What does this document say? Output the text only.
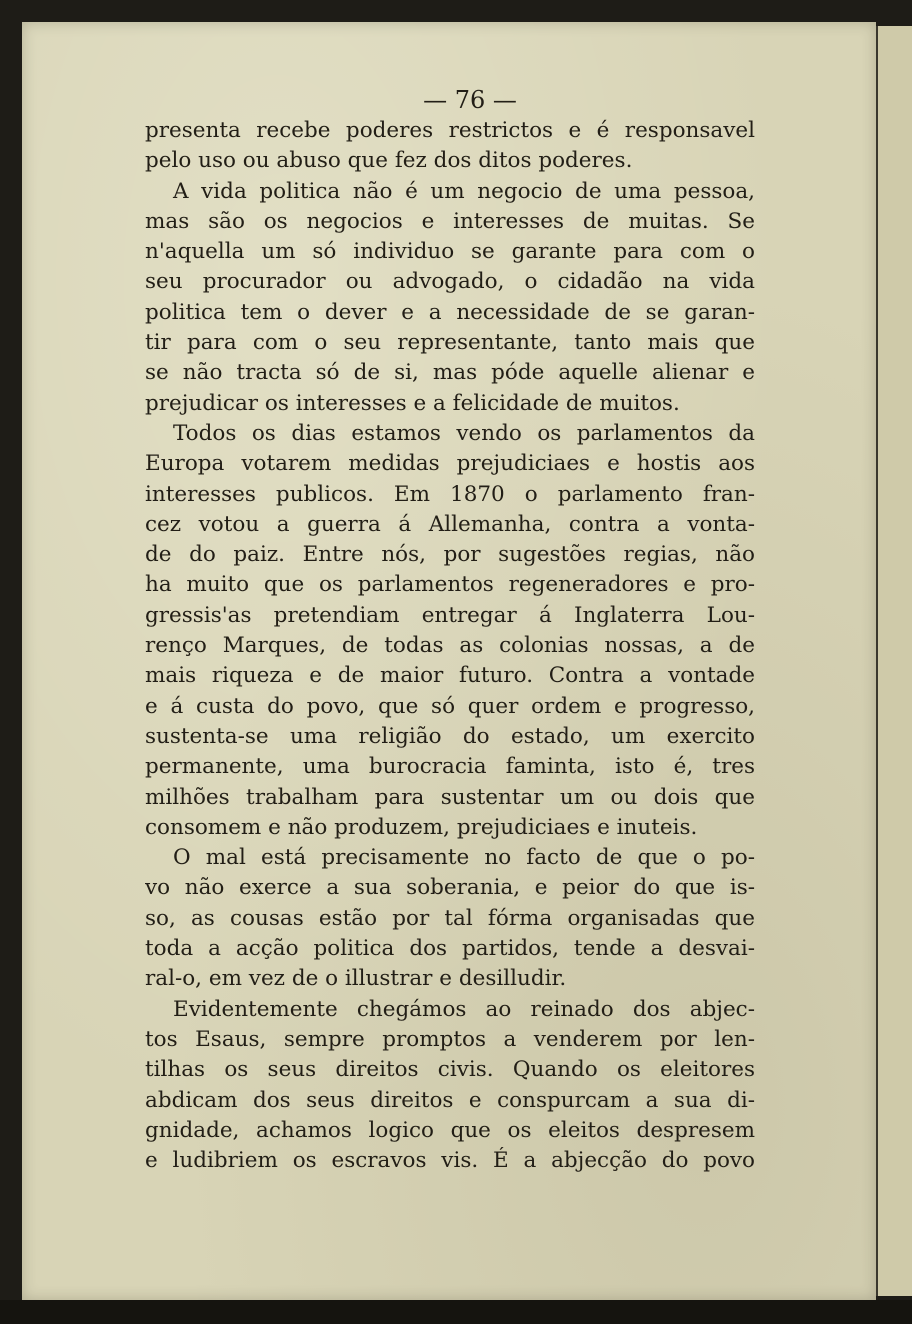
— 76 —
presenta recebe poderes restrictos e é responsavel
pelo uso ou abuso que fez dos ditos poderes.
A vida politica não é um negocio de uma pessoa,
mas são os negocios e interesses de muitas. Se
n'aquella um só individuo se garante para com o
seu procurador ou advogado, o cidadão na vida
politica tem o dever e a necessidade de se garan-
tir para com o seu representante, tanto mais que
se não tracta só de si, mas póde aquelle alienar e
prejudicar os interesses e a felicidade de muitos.
Todos os dias estamos vendo os parlamentos da
Europa votarem medidas prejudiciaes e hostis aos
interesses publicos. Em 1870 o parlamento fran-
cez votou a guerra á Allemanha, contra a vonta-
de do paiz. Entre nós, por sugestões regias, não
ha muito que os parlamentos regeneradores e pro-
gressis'as pretendiam entregar á Inglaterra Lou-
renço Marques, de todas as colonias nossas, a de
mais riqueza e de maior futuro. Contra a vontade
e á custa do povo, que só quer ordem e progresso,
sustenta-se uma religião do estado, um exercito
permanente, uma burocracia faminta, isto é, tres
milhões trabalham para sustentar um ou dois que
consomem e não produzem, prejudiciaes e inuteis.
O mal está precisamente no facto de que o po-
vo não exerce a sua soberania, e peior do que is-
so, as cousas estão por tal fórma organisadas que
toda a acção politica dos partidos, tende a desvai-
ral-o, em vez de o illustrar e desilludir.
Evidentemente chegámos ao reinado dos abjec-
tos Esaus, sempre promptos a venderem por len-
tilhas os seus direitos civis. Quando os eleitores
abdicam dos seus direitos e conspurcam a sua di-
gnidade, achamos logico que os eleitos despresem
e ludibriem os escravos vis. É a abjecção do povo
